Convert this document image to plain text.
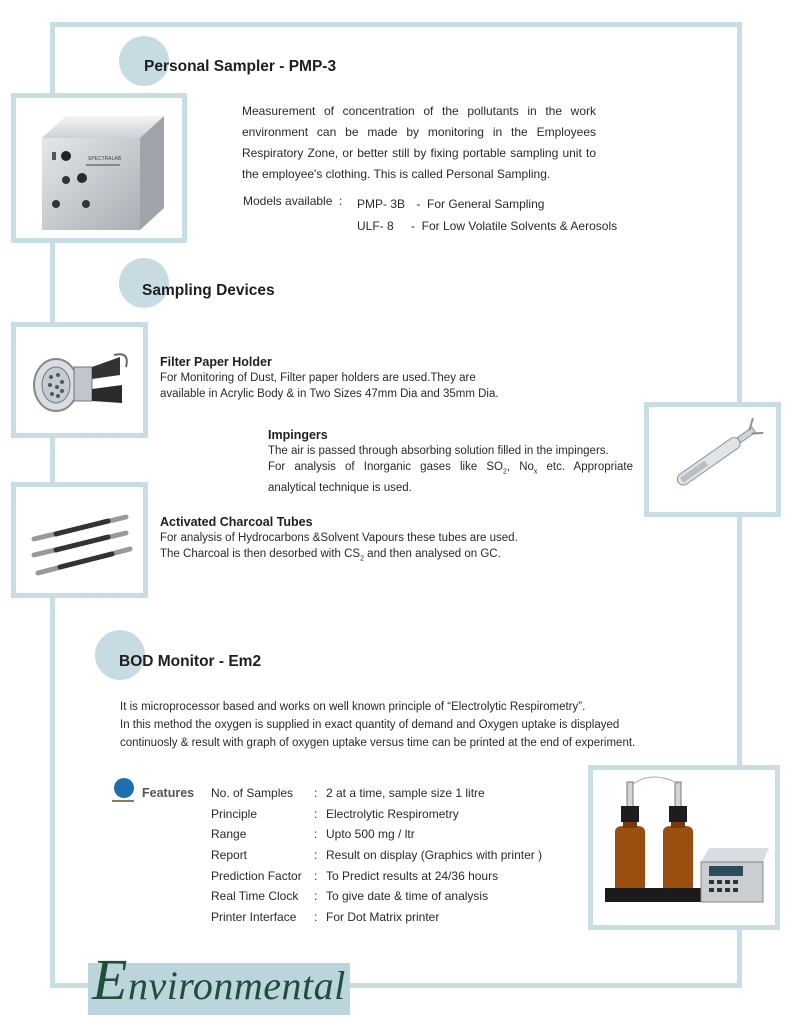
Personal Sampler - PMP-3
SPECTRALAB

Measurement of concentration of the pollutants in the work environment can be made by monitoring in the Employees Respiratory Zone, or better still by fixing portable sampling unit to the employee's clothing. This is called Personal Sampling.

Models available  : PMP- 3B -  For General Sampling
ULF- 8 -  For Low Volatile Solvents & Aerosols
Sampling Devices
Filter Paper Holder
For Monitoring of Dust, Filter paper holders are used.They are
available in Acrylic Body & in Two Sizes 47mm Dia and 35mm Dia.
Impingers
The air is passed through absorbing solution filled in the impingers.
For analysis of Inorganic gases like $SO_2$, $No_x$ etc. Appropriate
analytical technique is used.
Activated Charcoal Tubes
For analysis of Hydrocarbons &Solvent Vapours these tubes are used.
The Charcoal is then desorbed with $CS_2$ and then analysed on GC.
BOD Monitor - Em2
It is microprocessor based and works on well known principle of “Electrolytic Respirometry”.
In this method the oxygen is supplied in exact quantity of demand and Oxygen uptake is displayed
continuosly & result with graph of oxygen uptake versus time can be printed at the end of experiment.
Features No. of Samples : 2 at a time, sample size 1 litre
Principle	: Electrolytic Respirometry
Range	: Upto 500 mg / ltr
Report	: Result on display (Graphics with printer )
Prediction Factor : To Predict results at 24/36 hours
Real Time Clock : To give date & time of analysis
Printer Interface : For Dot Matrix printer
Environmental
